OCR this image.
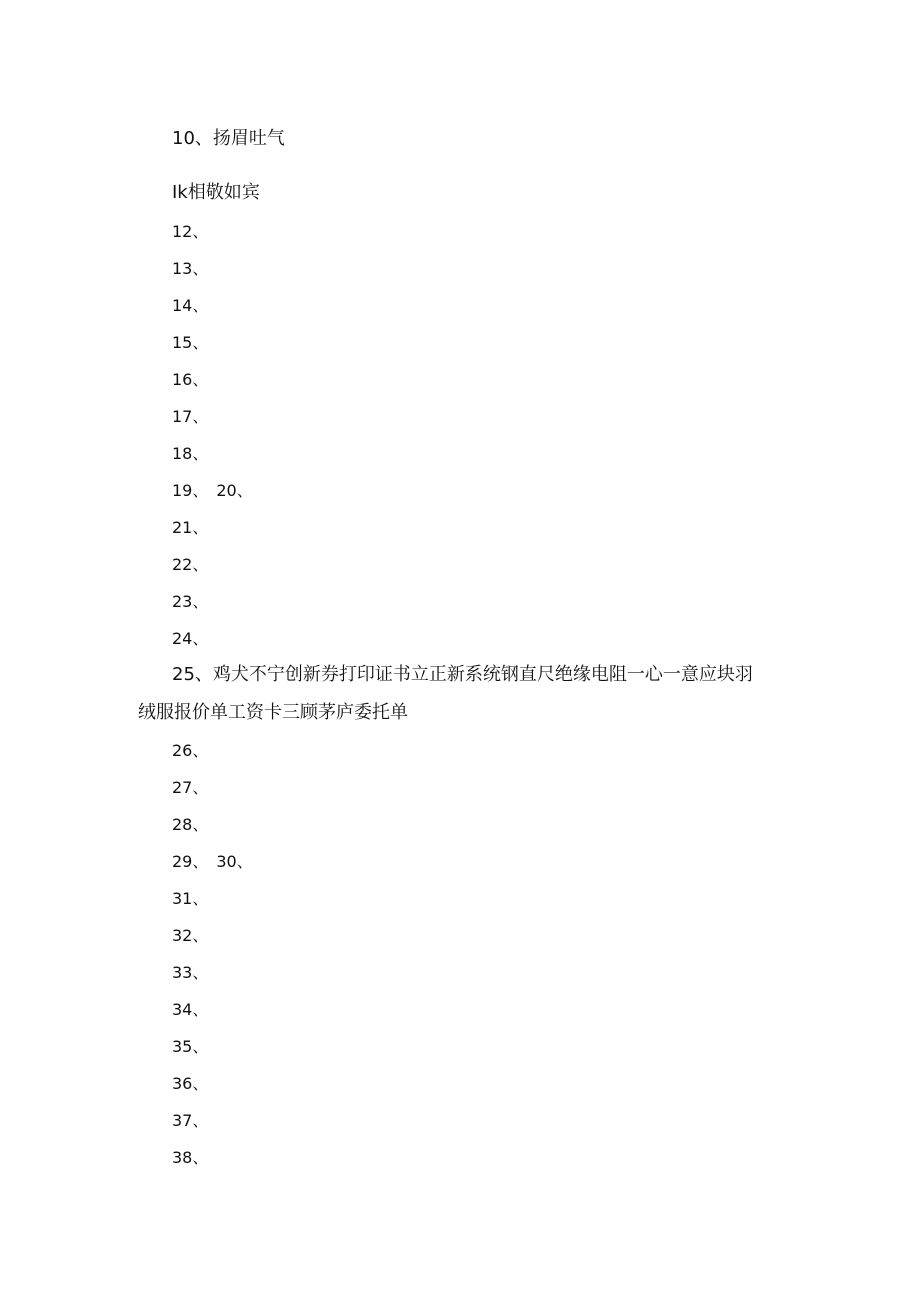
10、扬眉吐气
Ik相敬如宾
12、
13、
14、
15、
16、
17、
18、
19、　20、
21、
22、
23、
24、
25、鸡犬不宁创新券打印证书立正新系统钢直尺绝缘电阻一心一意应块羽
绒服报价单工资卡三顾茅庐委托单
26、
27、
28、
29、　30、
31、
32、
33、
34、
35、
36、
37、
38、
